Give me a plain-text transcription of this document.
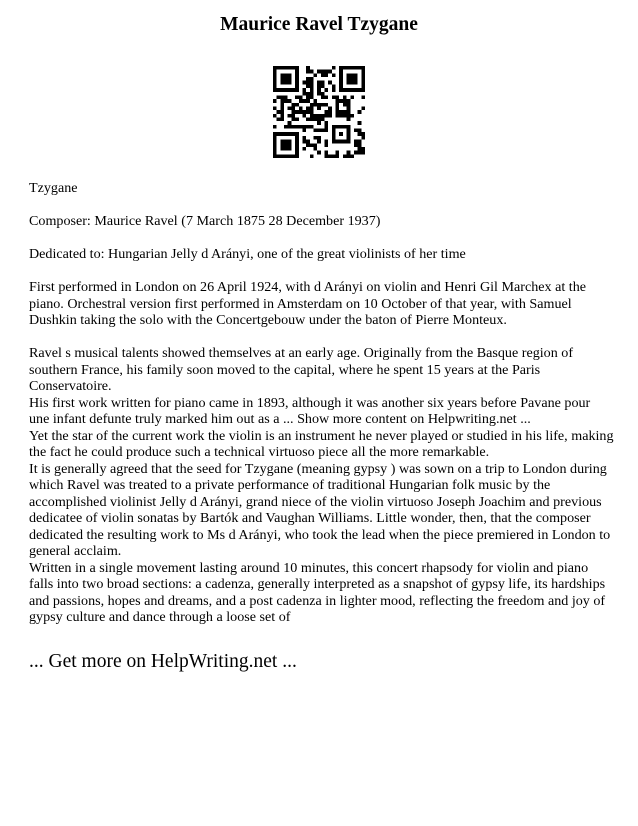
Maurice Ravel Tzygane

Tzygane

Composer: Maurice Ravel (7 March 1875 28 December 1937)

Dedicated to: Hungarian Jelly d Arányi, one of the great violinists of her time

First performed in London on 26 April 1924, with d Arányi on violin and Henri Gil Marchex at the piano. Orchestral version first performed in Amsterdam on 10 October of that year, with Samuel Dushkin taking the solo with the Concertgebouw under the baton of Pierre Monteux.

Ravel s musical talents showed themselves at an early age. Originally from the Basque region of southern France, his family soon moved to the capital, where he spent 15 years at the Paris Conservatoire.

His first work written for piano came in 1893, although it was another six years before Pavane pour une infant defunte truly marked him out as a ... Show more content on Helpwriting.net ...

Yet the star of the current work the violin is an instrument he never played or studied in his life, making the fact he could produce such a technical virtuoso piece all the more remarkable.

It is generally agreed that the seed for Tzygane (meaning gypsy ) was sown on a trip to London during which Ravel was treated to a private performance of traditional Hungarian folk music by the accomplished violinist Jelly d Arányi, grand niece of the violin virtuoso Joseph Joachim and previous dedicatee of violin sonatas by Bartók and Vaughan Williams. Little wonder, then, that the composer dedicated the resulting work to Ms d Arányi, who took the lead when the piece premiered in London to general acclaim.

Written in a single movement lasting around 10 minutes, this concert rhapsody for violin and piano falls into two broad sections: a cadenza, generally interpreted as a snapshot of gypsy life, its hardships and passions, hopes and dreams, and a post cadenza in lighter mood, reflecting the freedom and joy of gypsy culture and dance through a loose set of

... Get more on HelpWriting.net ...
